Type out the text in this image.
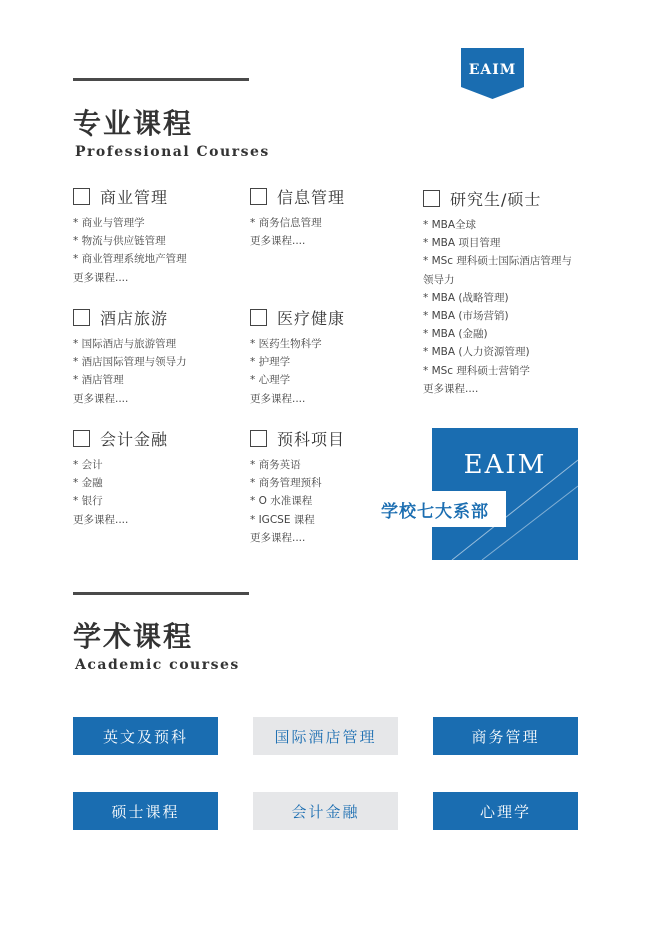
EAIM
专业课程
Professional Courses
商业管理
* 商业与管理学
* 物流与供应链管理
* 商业管理系统地产管理
更多课程....
信息管理
* 商务信息管理
更多课程....
研究生/硕士
* MBA全球
* MBA 项目管理
* MSc 理科硕士国际酒店管理与
领导力
* MBA (战略管理)
* MBA (市场营销)
* MBA (金融)
* MBA (人力资源管理)
* MSc 理科硕士营销学
更多课程....
酒店旅游
* 国际酒店与旅游管理
* 酒店国际管理与领导力
* 酒店管理
更多课程....
医疗健康
* 医药生物科学
* 护理学
* 心理学
更多课程....
会计金融
* 会计
* 金融
* 银行
更多课程....
预科项目
* 商务英语
* 商务管理预科
* O 水准课程
* IGCSE 课程
更多课程....
EAIM
学校七大系部
学术课程
Academic courses
英文及预科	国际酒店管理	商务管理
硕士课程	会计金融	心理学
